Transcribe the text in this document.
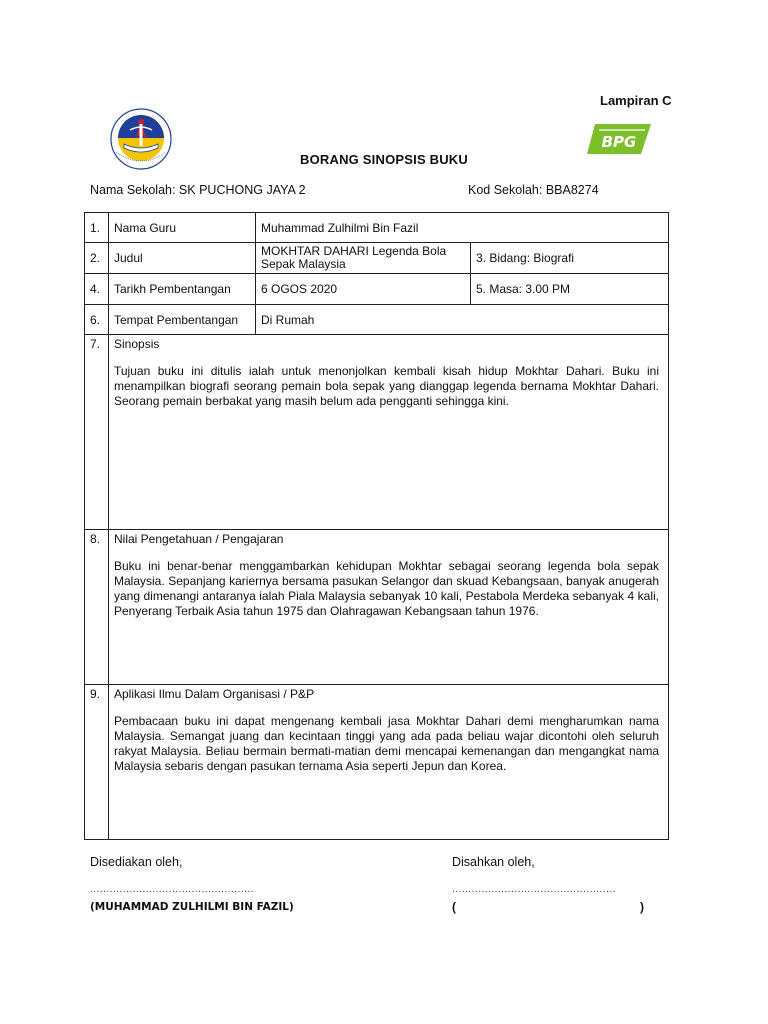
Lampiran C
BPG
BORANG SINOPSIS BUKU
Nama Sekolah: SK PUCHONG JAYA 2	Kod Sekolah: BBA8274
1.	Nama Guru	Muhammad Zulhilmi Bin Fazil	
2.	Judul	MOKHTAR DAHARI Legenda Bola Sepak Malaysia	3. Bidang: Biografi
4.	Tarikh Pembentangan	6 OGOS 2020	5. Masa: 3.00 PM
6.	Tempat Pembentangan	Di Rumah	
7.	Sinopsis
Tujuan buku ini ditulis ialah untuk menonjolkan kembali kisah hidup Mokhtar Dahari. Buku ini menampilkan biografi seorang pemain bola sepak yang dianggap legenda bernama Mokhtar Dahari. Seorang pemain berbakat yang masih belum ada pengganti sehingga kini.		

8.	Nilai Pengetahuan / Pengajaran
Buku ini benar-benar menggambarkan kehidupan Mokhtar sebagai seorang legenda bola sepak Malaysia. Sepanjang kariernya bersama pasukan Selangor dan skuad Kebangsaan, banyak anugerah yang dimenangi antaranya ialah Piala Malaysia sebanyak 10 kali, Pestabola Merdeka sebanyak 4 kali, Penyerang Terbaik Asia tahun 1975 dan Olahragawan Kebangsaan tahun 1976.		

9.	Aplikasi Ilmu Dalam Organisasi / P&P
Pembacaan buku ini dapat mengenang kembali jasa Mokhtar Dahari demi mengharumkan nama Malaysia. Semangat juang dan kecintaan tinggi yang ada pada beliau wajar dicontohi oleh seluruh rakyat Malaysia. Beliau bermain bermati-matian demi mencapai kemenangan dan mengangkat nama Malaysia sebaris dengan pasukan ternama Asia seperti Jepun dan Korea.		
Disediakan oleh,	Disahkan oleh,
..................................................	..................................................
(MUHAMMAD ZULHILMI BIN FAZIL)	(	)
